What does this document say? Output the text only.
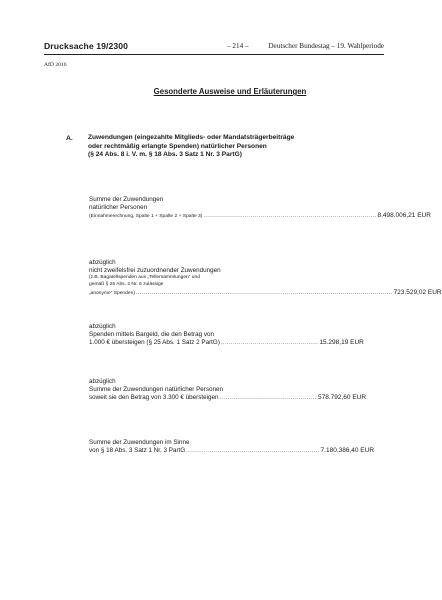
Drucksache 19/2300	– 214 –	Deutscher Bundestag – 19. Wahlperiode
AfD 2016
Gesonderte Ausweise und Erläuterungen
A. Zuwendungen (eingezahlte Mitglieds- oder Mandatsträgerbeiträge
oder rechtmäßig erlangte Spenden) natürlicher Personen
(§ 24 Abs. 8 i. V. m. § 18 Abs. 3 Satz 1 Nr. 3 PartG)
Summe der Zuwendungen
natürlicher Personen
(Einnahmerechnung, Spalte 1 + Spalte 2 + Spalte 3) ....................................................................................... 8.498.006,21 EUR
abzüglich
nicht zweifelsfrei zuzuordnender Zuwendungen
(z.B. Bagatellspenden aus „Tellersammlungen“ und
gemäß § 25 Abs. 2 Nr. 6 zulässige
„anonyme“ Spenden) ................................................................................................................................. 723.529,02 EUR
abzüglich
Spenden mittels Bargeld, die den Betrag von
1.000 € übersteigen (§ 25 Abs. 1 Satz 2 PartG) ................................................. 15.298,19 EUR
abzüglich
Summe der Zuwendungen natürlicher Personen
soweit sie den Betrag von 3.300 € übersteigen ................................................. 578.792,60 EUR
Summe der Zuwendungen im Sinne
von § 18 Abs. 3 Satz 1 Nr. 3 PartG ................................................................... 7.180.386,40 EUR
